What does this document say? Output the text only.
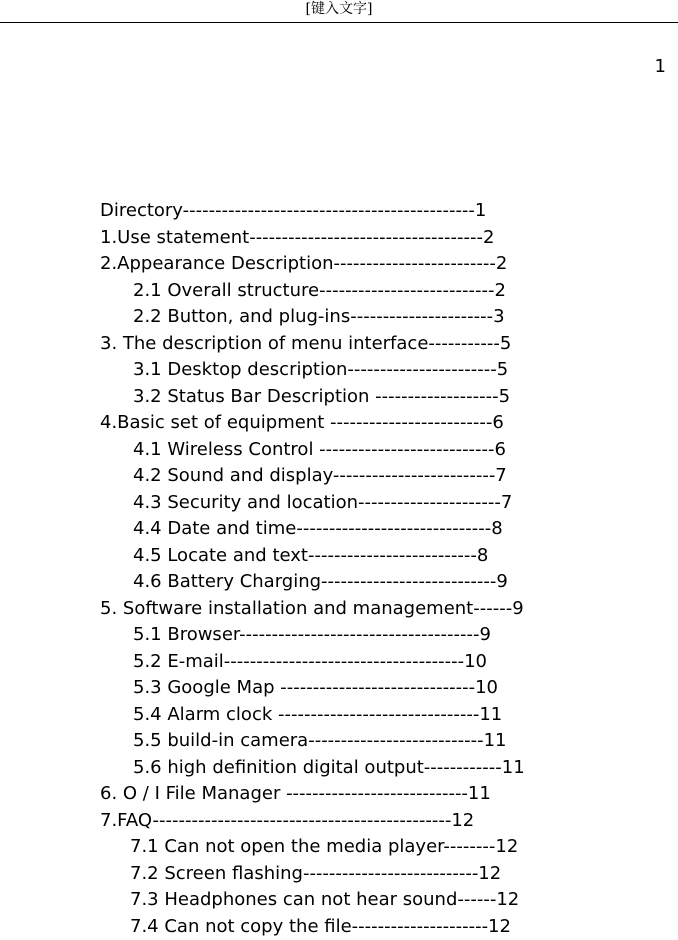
[键入文字]
1
Directory---------------------------------------------1
1.Use statement------------------------------------2
2.Appearance Description-------------------------2
2.1 Overall structure---------------------------2
2.2 Button, and plug-ins----------------------3
3. The description of menu interface-----------5
3.1 Desktop description-----------------------5
3.2 Status Bar Description -------------------5
4.Basic set of equipment -------------------------6
4.1 Wireless Control ---------------------------6
4.2 Sound and display-------------------------7
4.3 Security and location----------------------7
4.4 Date and time------------------------------8
4.5 Locate and text--------------------------8
4.6 Battery Charging---------------------------9
5. Software installation and management------9
5.1 Browser-------------------------------------9
5.2 E-mail-------------------------------------10
5.3 Google Map ------------------------------10
5.4 Alarm clock -------------------------------11
5.5 build-in camera---------------------------11
5.6 high definition digital output------------11
6. O / I File Manager ----------------------------11
7.FAQ----------------------------------------------12
7.1 Can not open the media player--------12
7.2 Screen flashing---------------------------12
7.3 Headphones can not hear sound------12
7.4 Can not copy the file---------------------12
